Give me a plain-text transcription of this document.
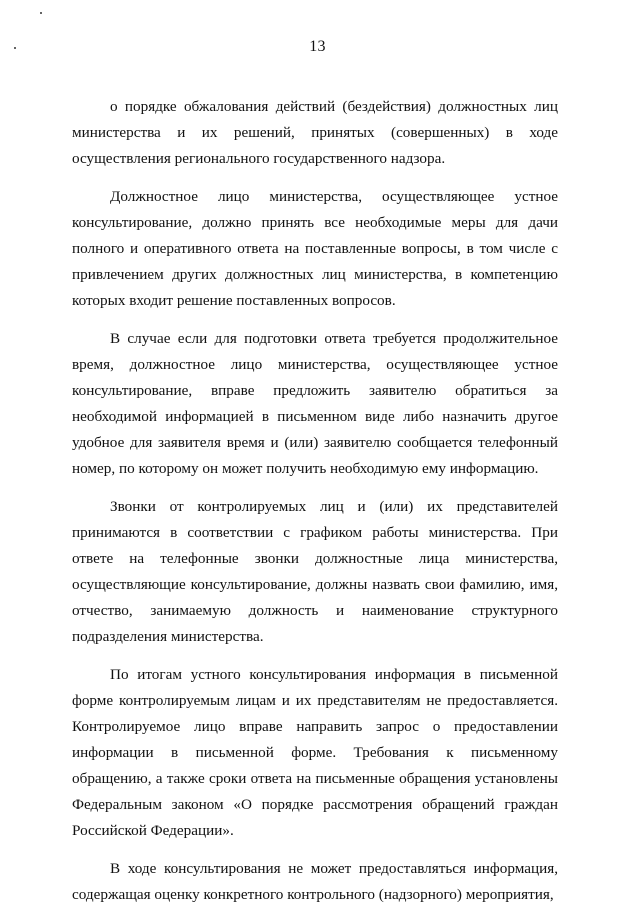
13

о порядке обжалования действий (бездействия) должностных лиц министерства и их решений, принятых (совершенных) в ходе осуществления регионального государственного надзора.

Должностное лицо министерства, осуществляющее устное консультирование, должно принять все необходимые меры для дачи полного и оперативного ответа на поставленные вопросы, в том числе с привлечением других должностных лиц министерства, в компетенцию которых входит решение поставленных вопросов.

В случае если для подготовки ответа требуется продолжительное время, должностное лицо министерства, осуществляющее устное консультирование, вправе предложить заявителю обратиться за необходимой информацией в письменном виде либо назначить другое удобное для заявителя время и (или) заявителю сообщается телефонный номер, по которому он может получить необходимую ему информацию.

Звонки от контролируемых лиц и (или) их представителей принимаются в соответствии с графиком работы министерства. При ответе на телефонные звонки должностные лица министерства, осуществляющие консультирование, должны назвать свои фамилию, имя, отчество, занимаемую должность и наименование структурного подразделения министерства.

По итогам устного консультирования информация в письменной форме контролируемым лицам и их представителям не предоставляется. Контролируемое лицо вправе направить запрос о предоставлении информации в письменной форме. Требования к письменному обращению, а также сроки ответа на письменные обращения установлены Федеральным законом «О порядке рассмотрения обращений граждан Российской Федерации».

В ходе консультирования не может предоставляться информация, содержащая оценку конкретного контрольного (надзорного) мероприятия,
